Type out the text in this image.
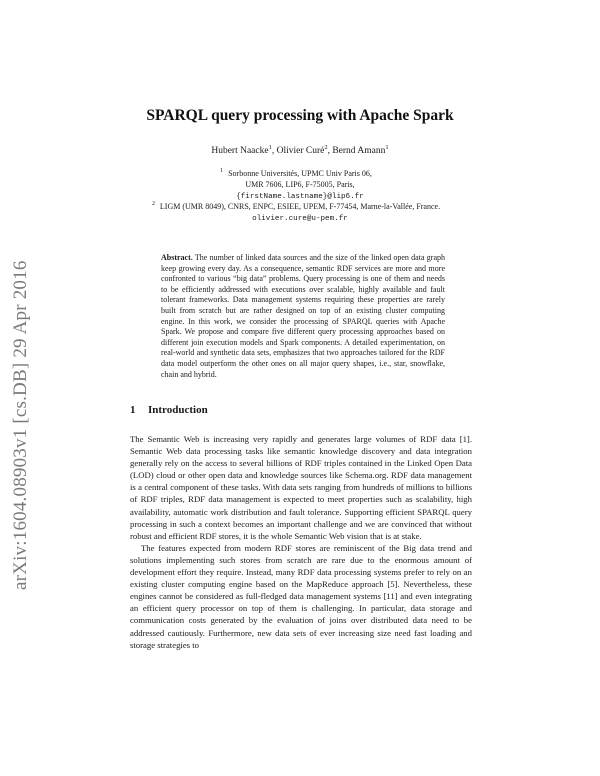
arXiv:1604.08903v1 [cs.DB] 29 Apr 2016
SPARQL query processing with Apache Spark
Hubert Naacke$^1$, Olivier Curé$^2$, Bernd Amann$^1$
1 Sorbonne Universités, UPMC Univ Paris 06,
UMR 7606, LIP6, F-75005, Paris,
{firstName.lastname}@lip6.fr
2 LIGM (UMR 8049), CNRS, ENPC, ESIEE, UPEM, F-77454, Marne-la-Vallée, France.
olivier.cure@u-pem.fr

Abstract. The number of linked data sources and the size of the linked open data graph keep growing every day. As a consequence, semantic RDF services are more and more confronted to various “big data” problems. Query processing is one of them and needs to be efficiently addressed with executions over scalable, highly available and fault tolerant frameworks. Data management systems requiring these properties are rarely built from scratch but are rather designed on top of an existing cluster computing engine. In this work, we consider the processing of SPARQL queries with Apache Spark. We propose and compare five different query processing approaches based on different join execution models and Spark components. A detailed experimentation, on real-world and synthetic data sets, emphasizes that two approaches tailored for the RDF data model outperform the other ones on all major query shapes, i.e., star, snowflake, chain and hybrid.

1 Introduction

The Semantic Web is increasing very rapidly and generates large volumes of RDF data [1]. Semantic Web data processing tasks like semantic knowledge discovery and data integration generally rely on the access to several billions of RDF triples contained in the Linked Open Data (LOD) cloud or other open data and knowledge sources like Schema.org. RDF data management is a central component of these tasks. With data sets ranging from hundreds of millions to billions of RDF triples, RDF data management is expected to meet properties such as scalability, high availability, automatic work distribution and fault tolerance. Supporting efficient SPARQL query processing in such a context becomes an important challenge and we are convinced that without robust and efficient RDF stores, it is the whole Semantic Web vision that is at stake.

The features expected from modern RDF stores are reminiscent of the Big data trend and solutions implementing such stores from scratch are rare due to the enormous amount of development effort they require. Instead, many RDF data processing systems prefer to rely on an existing cluster computing engine based on the MapReduce approach [5]. Nevertheless, these engines cannot be considered as full-fledged data management systems [11] and even integrating an efficient query processor on top of them is challenging. In particular, data storage and communication costs generated by the evaluation of joins over distributed data need to be addressed cautiously. Furthermore, new data sets of ever increasing size need fast loading and storage strategies to
